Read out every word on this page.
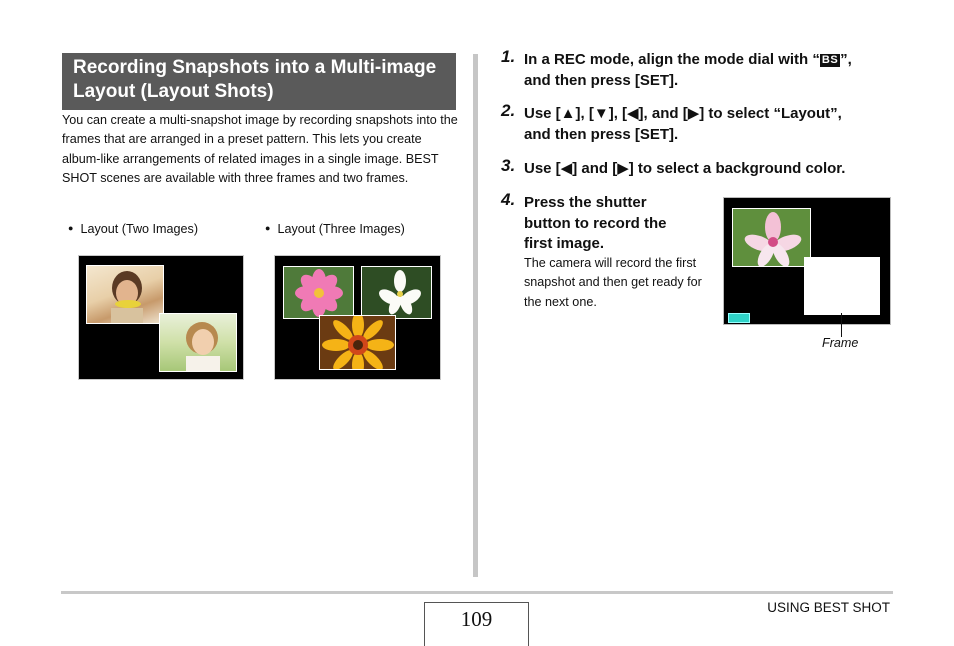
Recording Snapshots into a Multi-image Layout (Layout Shots)
You can create a multi-snapshot image by recording snapshots into the frames that are arranged in a preset pattern. This lets you create album-like arrangements of related images in a single image. BEST SHOT scenes are available with three frames and two frames.
● Layout (Two Images)	● Layout (Three Images)
1. In a REC mode, align the mode dial with “ BS ”,
and then press [SET].
2. Use [▲], [▼], [◀], and [▶] to select “Layout”,
and then press [SET].
3. Use [◀] and [▶] to select a background color.
4. Press the shutter
button to record the
first image.
The camera will record the first snapshot and then get ready for the next one.
Frame
109	USING BEST SHOT
